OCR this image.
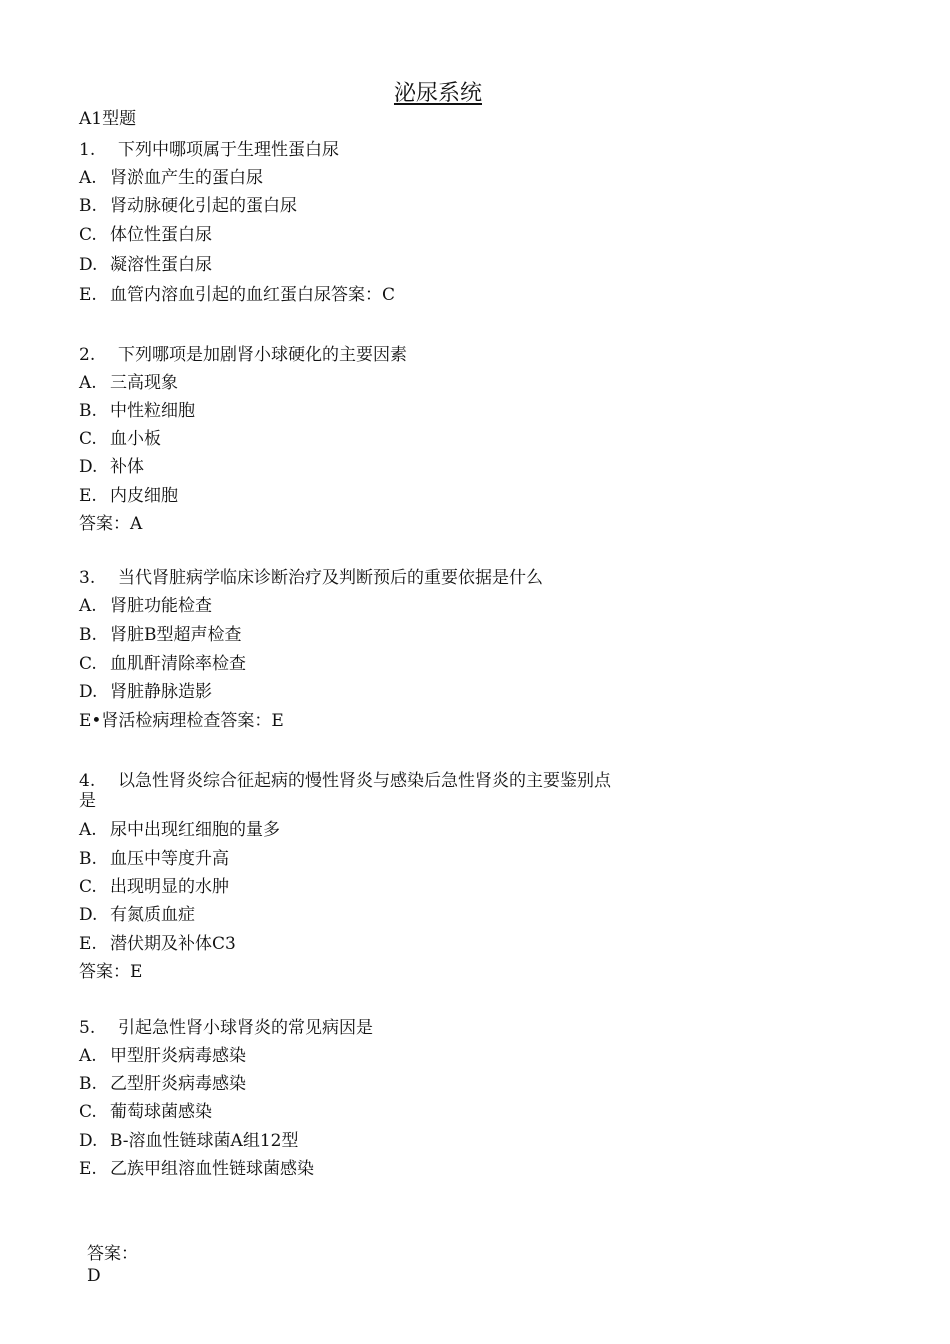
泌尿系统
A1型题
1. 下列中哪项属于生理性蛋白尿
A. 肾淤血产生的蛋白尿
B. 肾动脉硬化引起的蛋白尿
C. 体位性蛋白尿
D. 凝溶性蛋白尿
E. 血管内溶血引起的血红蛋白尿答案：C
2. 下列哪项是加剧肾小球硬化的主要因素
A. 三高现象
B. 中性粒细胞
C. 血小板
D. 补体
E. 内皮细胞
答案：A
3. 当代肾脏病学临床诊断治疗及判断预后的重要依据是什么
A. 肾脏功能检查
B. 肾脏B型超声检查
C. 血肌酐清除率检查
D. 肾脏静脉造影
E•肾活检病理检查答案：E
4. 以急性肾炎综合征起病的慢性肾炎与感染后急性肾炎的主要鉴别点
是
A. 尿中出现红细胞的量多
B. 血压中等度升高
C. 出现明显的水肿
D. 有氮质血症
E. 潜伏期及补体C3
答案：E
5. 引起急性肾小球肾炎的常见病因是
A. 甲型肝炎病毒感染
B. 乙型肝炎病毒感染
C. 葡萄球菌感染
D. B-溶血性链球菌A组12型
E. 乙族甲组溶血性链球菌感染
答案：
D
